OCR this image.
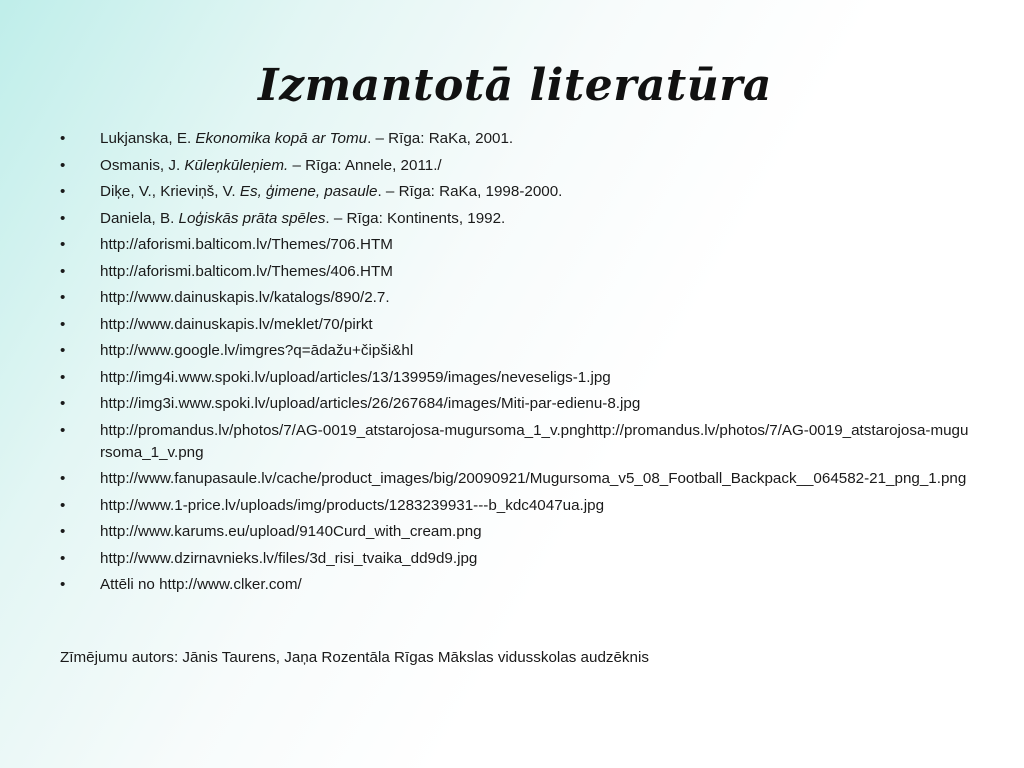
Izmantotā literatūra
• Lukjanska, E. Ekonomika kopā ar Tomu. – Rīga: RaKa, 2001.
• Osmanis, J. Kūleņkūleņiem. – Rīga: Annele, 2011./
• Diķe, V., Krieviņš, V. Es, ģimene, pasaule. – Rīga: RaKa, 1998-2000.
• Daniela, B. Loģiskās prāta spēles. – Rīga: Kontinents, 1992.
• http://aforismi.balticom.lv/Themes/706.HTM
• http://aforismi.balticom.lv/Themes/406.HTM
• http://www.dainuskapis.lv/katalogs/890/2.7.
• http://www.dainuskapis.lv/meklet/70/pirkt
• http://www.google.lv/imgres?q=ādažu+čipši&hl
• http://img4i.www.spoki.lv/upload/articles/13/139959/images/neveseligs-1.jpg
• http://img3i.www.spoki.lv/upload/articles/26/267684/images/Miti-par-edienu-8.jpg
• http://promandus.lv/photos/7/AG-0019_atstarojosa-mugursoma_1_v.pnghttp://promandus.lv/photos/7/AG-0019_atstarojosa-mugursoma_1_v.png
• http://www.fanupasaule.lv/cache/product_images/big/20090921/Mugursoma_v5_08_Football_Backpack__064582-21_png_1.png
• http://www.1-price.lv/uploads/img/products/1283239931---b_kdc4047ua.jpg
• http://www.karums.eu/upload/9140Curd_with_cream.png
• http://www.dzirnavnieks.lv/files/3d_risi_tvaika_dd9d9.jpg
• Attēli no http://www.clker.com/

Zīmējumu autors: Jānis Taurens, Jaņa Rozentāla Rīgas Mākslas vidusskolas audzēknis
